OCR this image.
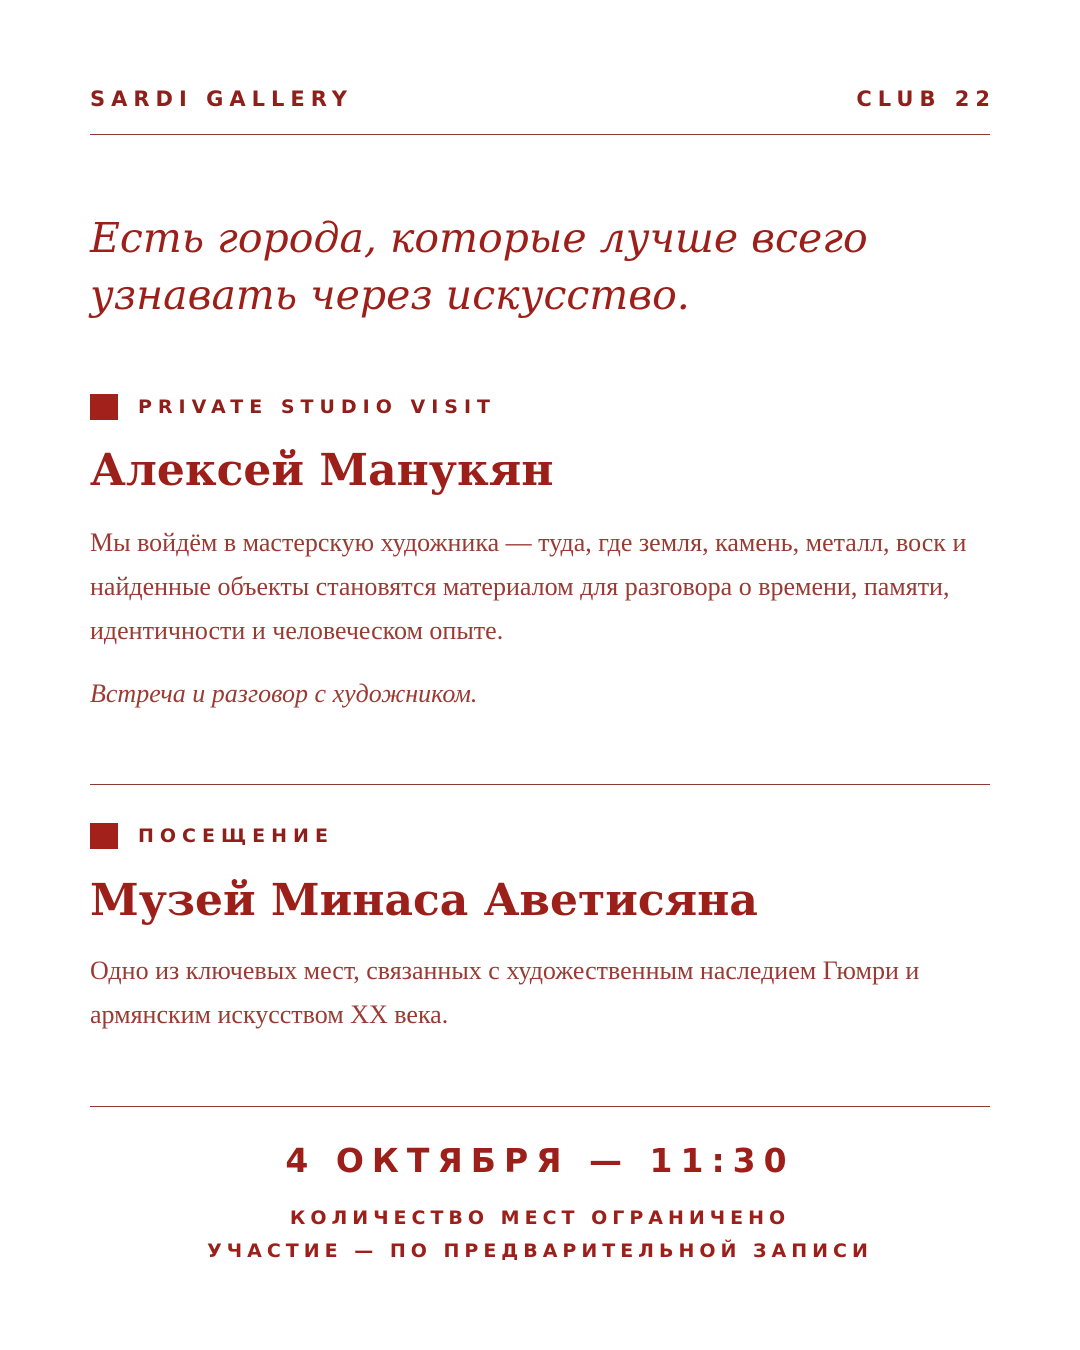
SARDI GALLERY	CLUB 22

Есть города, которые лучше всего узнавать через искусство.

PRIVATE STUDIO VISIT
Алексей Манукян

Мы войдём в мастерскую художника — туда, где земля, камень, металл, воск и найденные объекты становятся материалом для разговора о времени, памяти, идентичности и человеческом опыте.

Встреча и разговор с художником.

ПОСЕЩЕНИЕ
Музей Минаса Аветисяна

Одно из ключевых мест, связанных с художественным наследием Гюмри и армянским искусством XX века.

4 ОКТЯБРЯ — 11:30
КОЛИЧЕСТВО МЕСТ ОГРАНИЧЕНО
УЧАСТИЕ — ПО ПРЕДВАРИТЕЛЬНОЙ ЗАПИСИ
